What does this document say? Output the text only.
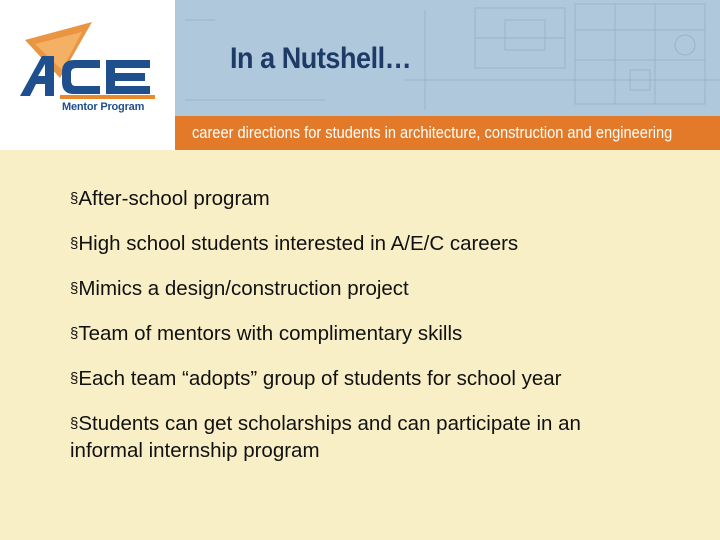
Mentor Program
In a Nutshell…
career directions for students in architecture, construction and engineering
§After-school program
§High school students interested in A/E/C careers
§Mimics a design/construction project
§Team of mentors with complimentary skills
§Each team “adopts” group of students for school year
§Students can get scholarships and can participate in an
informal internship program
